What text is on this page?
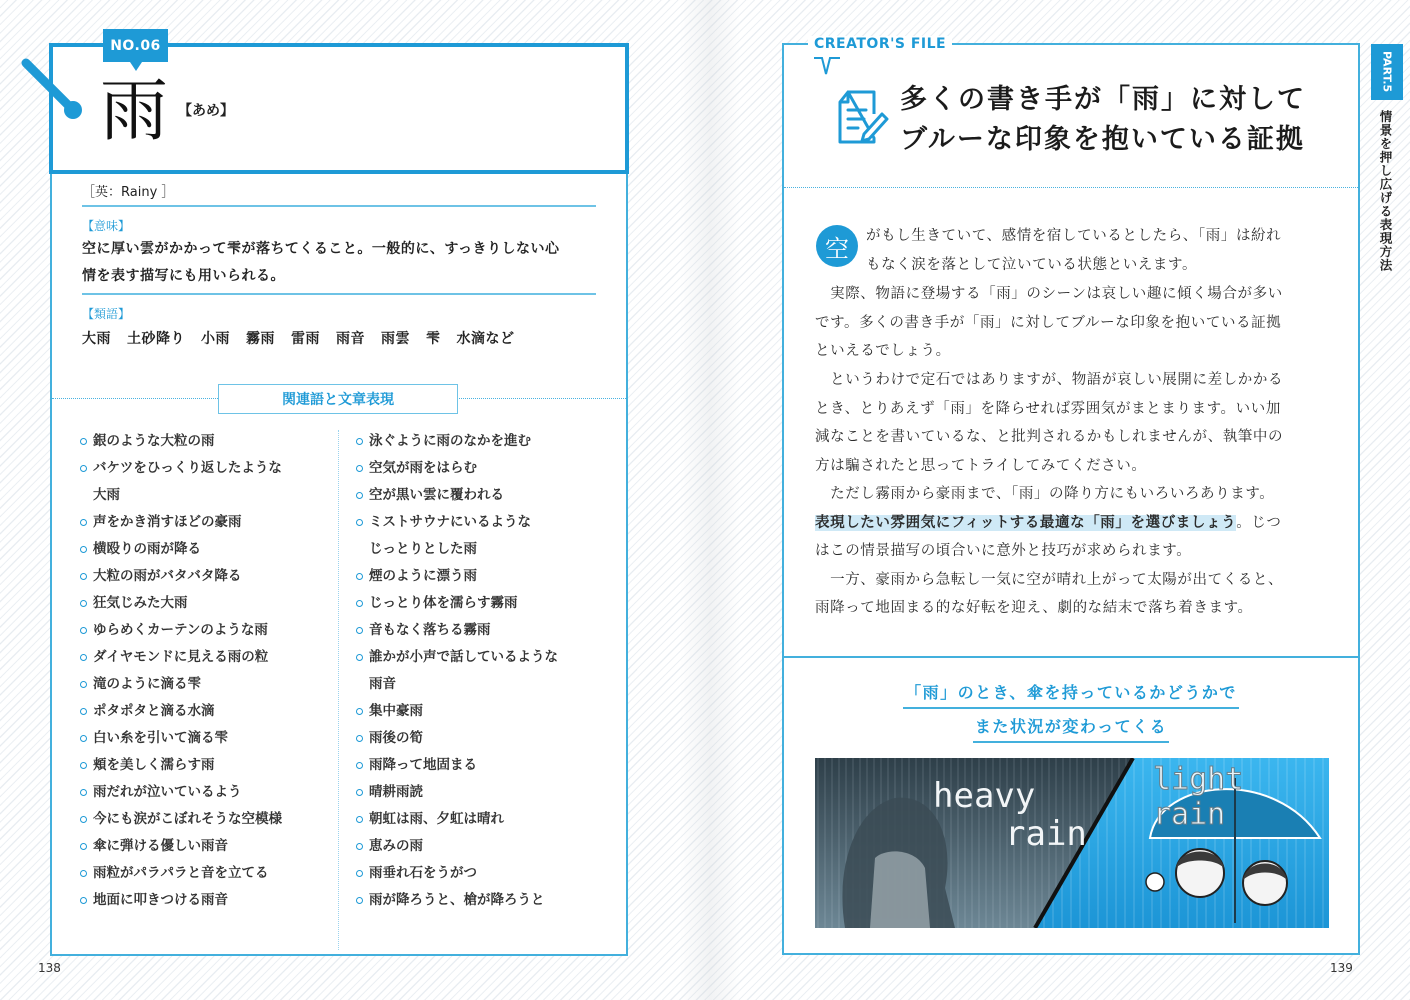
NO.06
雨 【あめ】
［英：Rainy ］
【意味】
空に厚い雲がかかって雫が落ちてくること。一般的に、すっきりしない心
情を表す描写にも用いられる。
【類語】
大雨 土砂降り 小雨 霧雨 雷雨 雨音 雨雲 雫 水滴など
関連語と文章表現
銀のような大粒の雨
バケツをひっくり返したような
大雨
声をかき消すほどの豪雨
横殴りの雨が降る
大粒の雨がバタバタ降る
狂気じみた大雨
ゆらめくカーテンのような雨
ダイヤモンドに見える雨の粒
滝のように滴る雫
ポタポタと滴る水滴
白い糸を引いて滴る雫
頬を美しく濡らす雨
雨だれが泣いているよう
今にも涙がこぼれそうな空模様
傘に弾ける優しい雨音
雨粒がパラパラと音を立てる
地面に叩きつける雨音
泳ぐように雨のなかを進む
空気が雨をはらむ
空が黒い雲に覆われる
ミストサウナにいるような
じっとりとした雨
煙のように漂う雨
じっとり体を濡らす霧雨
音もなく落ちる霧雨
誰かが小声で話しているような
雨音
集中豪雨
雨後の筍
雨降って地固まる
晴耕雨読
朝虹は雨、夕虹は晴れ
恵みの雨
雨垂れ石をうがつ
雨が降ろうと、槍が降ろうと
138
CREATOR'S FILE
多くの書き手が「雨」に対して
ブルーな印象を抱いている証拠
空	がもし生きていて、感情を宿しているとしたら、「雨」は紛れ
もなく涙を落として泣いている状態といえます。
　実際、物語に登場する「雨」のシーンは哀しい趣に傾く場合が多い
です。多くの書き手が「雨」に対してブルーな印象を抱いている証拠
といえるでしょう。
　というわけで定石ではありますが、物語が哀しい展開に差しかかる
とき、とりあえず「雨」を降らせれば雰囲気がまとまります。いい加
減なことを書いているな、と批判されるかもしれませんが、執筆中の
方は騙されたと思ってトライしてみてください。
　ただし霧雨から豪雨まで、「雨」の降り方にもいろいろあります。
表現したい雰囲気にフィットする最適な「雨」を選びましょう。じつ
はこの情景描写の頃合いに意外と技巧が求められます。
　一方、豪雨から急転し一気に空が晴れ上がって太陽が出てくると、
雨降って地固まる的な好転を迎え、劇的な結末で落ち着きます。
「雨」のとき、傘を持っているかどうかで
また状況が変わってくる
heavy
rain
light rain
PART.5
情景を押し広げる表現方法
139
